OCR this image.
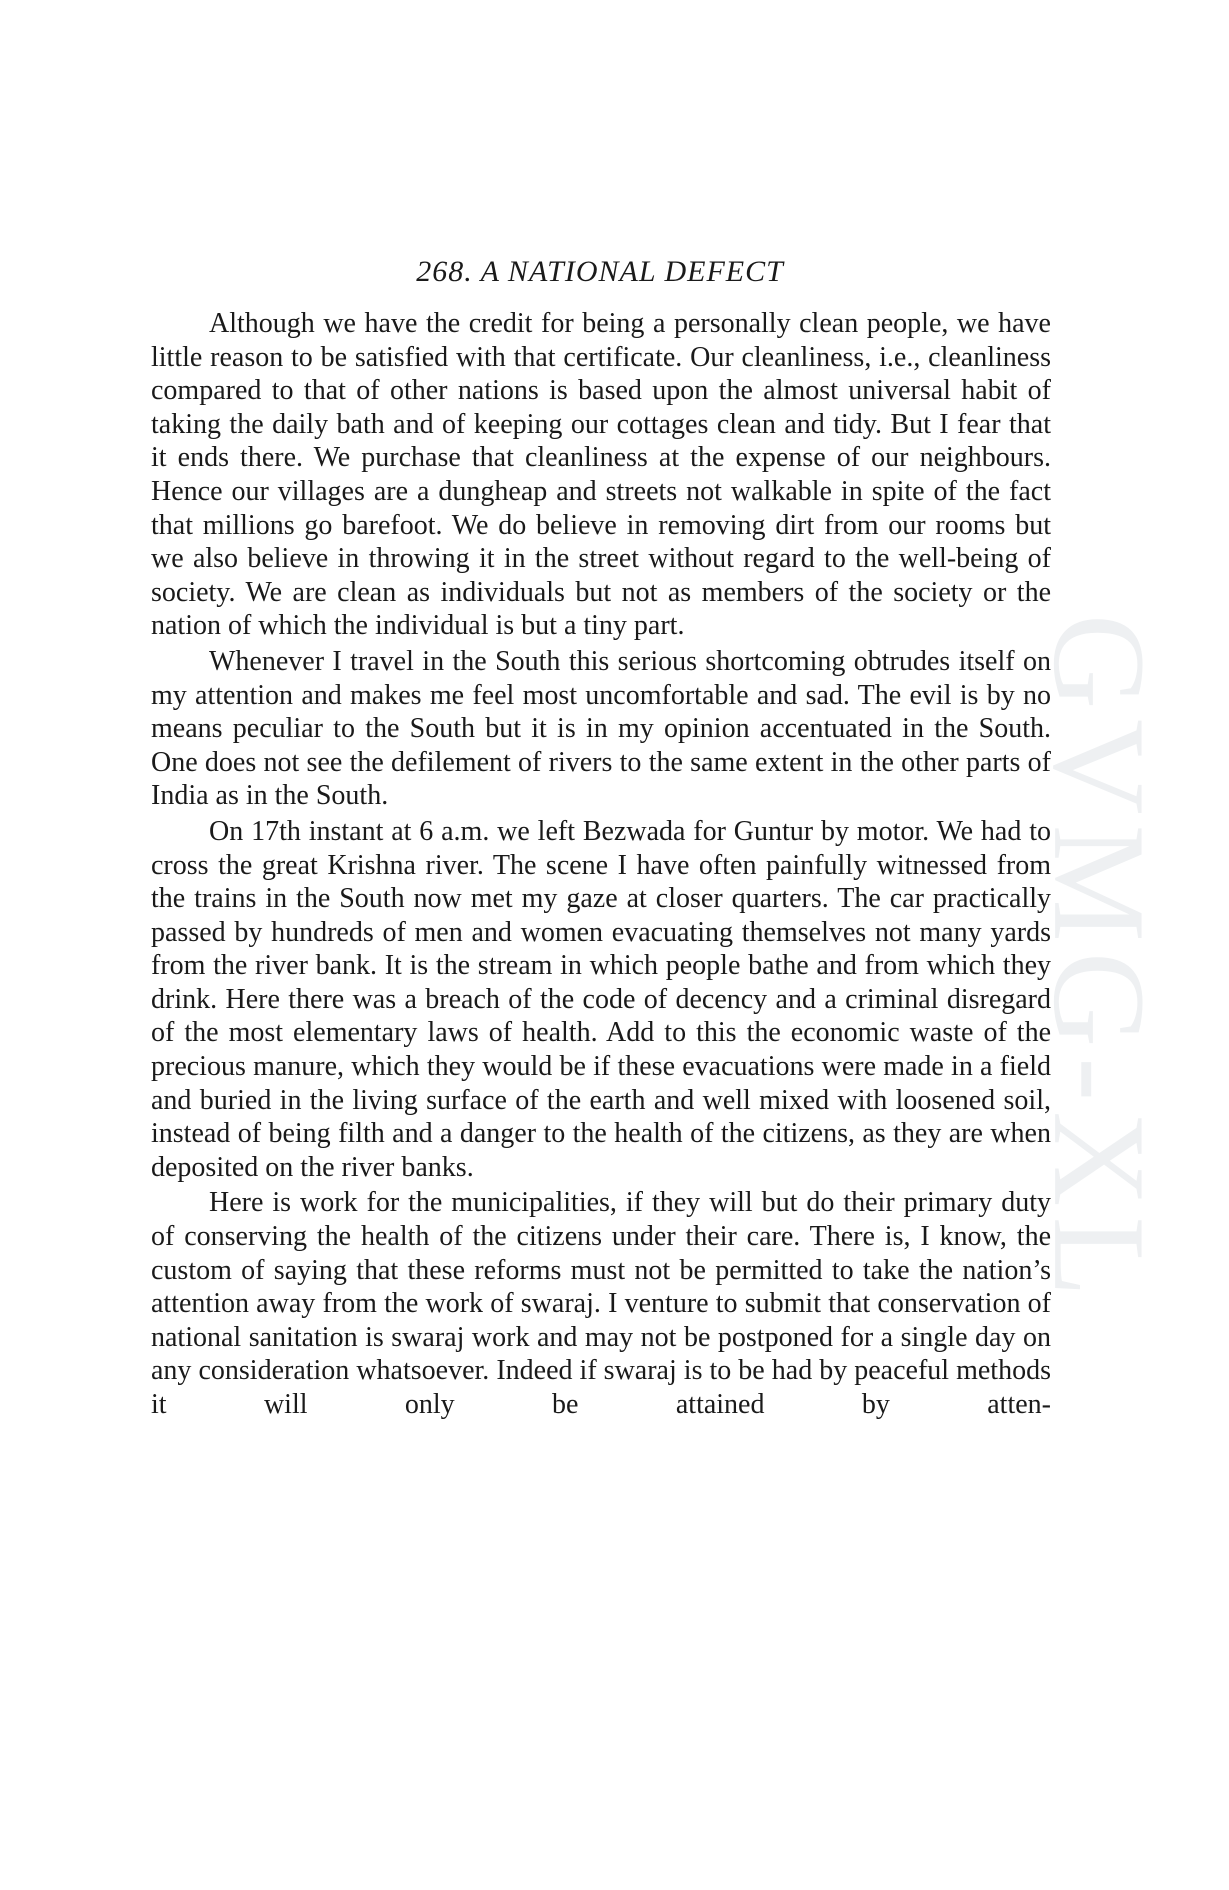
GVMG-XL
268. A NATIONAL DEFECT

Although we have the credit for being a personally clean people, we have little reason to be satisfied with that certificate. Our cleanliness, i.e., cleanliness compared to that of other nations is based upon the almost universal habit of taking the daily bath and of keeping our cottages clean and tidy. But I fear that it ends there. We purchase that cleanliness at the expense of our neighbours. Hence our villages are a dungheap and streets not walkable in spite of the fact that millions go barefoot. We do believe in removing dirt from our rooms but we also believe in throwing it in the street without regard to the well-being of society. We are clean as individuals but not as members of the society or the nation of which the individual is but a tiny part.

Whenever I travel in the South this serious shortcoming obtrudes itself on my attention and makes me feel most uncomfortable and sad. The evil is by no means peculiar to the South but it is in my opinion accentuated in the South. One does not see the defilement of rivers to the same extent in the other parts of India as in the South.

On 17th instant at 6 a.m. we left Bezwada for Guntur by motor. We had to cross the great Krishna river. The scene I have often painfully witnessed from the trains in the South now met my gaze at closer quarters. The car practically passed by hundreds of men and women evacuating themselves not many yards from the river bank. It is the stream in which people bathe and from which they drink. Here there was a breach of the code of decency and a criminal disregard of the most elementary laws of health. Add to this the economic waste of the precious manure, which they would be if these evacuations were made in a field and buried in the living surface of the earth and well mixed with loosened soil, instead of being filth and a danger to the health of the citizens, as they are when deposited on the river banks.

Here is work for the municipalities, if they will but do their primary duty of conserving the health of the citizens under their care. There is, I know, the custom of saying that these reforms must not be permitted to take the nation’s attention away from the work of swaraj. I venture to submit that conservation of national sanitation is swaraj work and may not be postponed for a single day on any consideration whatsoever. Indeed if swaraj is to be had by peaceful methods it will only be attained by atten-
